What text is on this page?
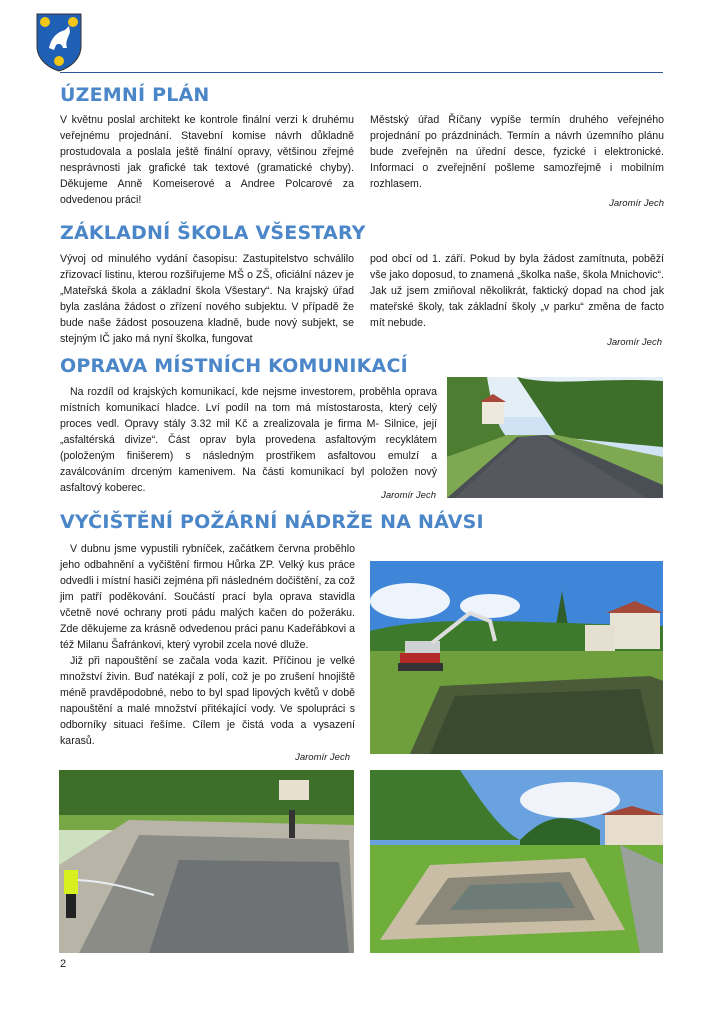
ÚZEMNÍ PLÁN
V květnu poslal architekt ke kontrole finální verzi k druhému veřejnému projednání. Stavební komise návrh důkladně prostudovala a poslala ještě finální opravy, většinou zřejmé nesprávnosti jak grafické tak textové (gramatické chyby). Děkujeme Anně Komeiserové a Andree Polcarové za odvedenou práci!
Městský úřad Říčany vypíše termín druhého veřejného projednání po prázdninách. Termín a návrh územního plánu bude zveřejněn na úřední desce, fyzické i elektronické. Informaci o zveřejnění pošleme samozřejmě i mobilním rozhlasem.
Jaromír Jech
ZÁKLADNÍ ŠKOLA VŠESTARY
Vývoj od minulého vydání časopisu: Zastupitelstvo schválilo zřizovací listinu, kterou rozšiřujeme MŠ o ZŠ, oficiální název je „Mateřská škola a základní škola Všestary“. Na krajský úřad byla zaslána žádost o zřízení nového subjektu. V případě že bude naše žádost posouzena kladně, bude nový subjekt, se stejným IČ jako má nyní školka, fungovat
pod obcí od 1. září. Pokud by byla žádost zamítnuta, poběží vše jako doposud, to znamená „školka naše, škola Mnichovic“. Jak už jsem zmiňoval několikrát, faktický dopad na chod jak mateřské školy, tak základní školy „v parku“ změna de facto mít nebude.
Jaromír Jech
OPRAVA MÍSTNÍCH KOMUNIKACÍ
Na rozdíl od krajských komunikací, kde nejsme investorem, proběhla oprava místních komunikací hladce. Lví podíl na tom má místostarosta, který celý proces vedl. Opravy stály 3.32 mil Kč a zrealizovala je firma M- Silnice, její „asfaltérská divize“. Část oprav byla provedena asfaltovým recyklátem (položeným finišerem) s následným prostřikem asfaltovou emulzí a zaválcováním drceným kamenivem. Na části komunikací byl položen nový asfaltový koberec.
Jaromír Jech
VYČIŠTĚNÍ POŽÁRNÍ NÁDRŽE NA NÁVSI

V dubnu jsme vypustili rybníček, začátkem června proběhlo jeho odbahnění a vyčištění firmou Hůrka ZP. Velký kus práce odvedli i místní hasiči zejména při následném dočištění, za což jim patří poděkování. Součástí prací byla oprava stavidla včetně nové ochrany proti pádu malých kačen do požeráku. Zde děkujeme za krásně odvedenou práci panu Kadeřábkovi a též Milanu Šafránkovi, který vyrobil zcela nové dluže.

Již při napouštění se začala voda kazit. Příčinou je velké množství živin. Buď natékají z polí, což je po zrušení hnojiště méně pravděpodobné, nebo to byl spad lipových květů v době napouštění a malé množství přitékající vody. Ve spolupráci s odborníky situaci řešíme. Cílem je čistá voda a vysazení karasů.

Jaromír Jech
2
